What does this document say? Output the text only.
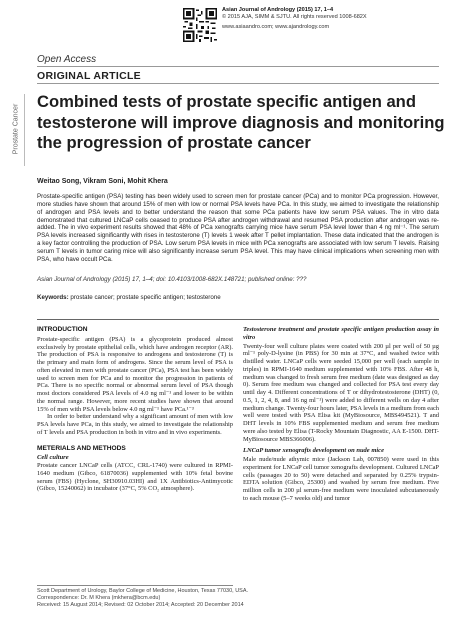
Asian Journal of Andrology (2015) 17, 1–4
© 2015 AJA, SIMM & SJTU. All rights reserved 1008-682X
www.asiaandro.com; www.ajandrology.com
Open Access
ORIGINAL ARTICLE
Prostate Cancer
Combined tests of prostate specific antigen and testosterone will improve diagnosis and monitoring the progression of prostate cancer
Weitao Song, Vikram Soni, Mohit Khera

Prostate-specific antigen (PSA) testing has been widely used to screen men for prostate cancer (PCa) and to monitor PCa progression. However, more studies have shown that around 15% of men with low or normal PSA levels have PCa. In this study, we aimed to investigate the relationship of androgen and PSA levels and to better understand the reason that some PCa patients have low serum PSA values. The in vitro data demonstrated that cultured LNCaP cells ceased to produce PSA after androgen withdrawal and resumed PSA production after androgen was re-added. The in vivo experiment results showed that 48% of PCa xenografts carrying mice have serum PSA level lower than 4 ng ml⁻¹. The serum PSA levels increased significantly with rises in testosterone (T) levels 1 week after T pellet implantation. These data indicated that the androgen is a key factor controlling the production of PSA. Low serum PSA levels in mice with PCa xenografts are associated with low serum T levels. Raising serum T levels in tumor caring mice will also significantly increase serum PSA level. This may have clinical implications when screening men with PSA, who have occult PCa.

Asian Journal of Andrology (2015) 17, 1–4; doi: 10.4103/1008-682X.148721; published online: ???

Keywords: prostate cancer; prostate specific antigen; testosterone

INTRODUCTION

Prostate-specific antigen (PSA) is a glycoprotein produced almost exclusively by prostate epithelial cells, which have androgen receptor (AR). The production of PSA is responsive to androgens and testosterone (T) is the primary and main form of androgens. Since the serum level of PSA is often elevated in men with prostate cancer (PCa), PSA test has been widely used to screen men for PCa and to monitor the progression in patients of PCa. There is no specific normal or abnormal serum level of PSA though most doctors considered PSA levels of 4.0 ng ml⁻¹ and lower to be within the normal range. However, more recent studies have shown that around 15% of men with PSA levels below 4.0 ng ml⁻¹ have PCa.¹⁻³

In order to better understand why a significant amount of men with low PSA levels have PCa, in this study, we aimed to investigate the relationship of T levels and PSA production in both in vitro and in vivo experiments.

METERIALS AND METHODS
Cell culture

Prostate cancer LNCaP cells (ATCC, CRL-1740) were cultured in RPMI-1640 medium (Gibco, 61870036) supplemented with 10% fetal bovine serum (FBS) (Hyclone, SH30910.03HI) and 1X Antibiotics-Antimycotic (Gibco, 15240062) in incubator (37°C, 5% CO₂ atmosphere).

Testosterone treatment and prostate specific antigen production assay in vitro

Twenty-four well culture plates were coated with 200 µl per well of 50 µg ml⁻¹ poly-D-lysine (in PBS) for 30 min at 37°C, and washed twice with distilled water. LNCaP cells were seeded 15,000 per well (each sample in triples) in RPMI-1640 medium supplemented with 10% FBS. After 48 h, medium was changed to fresh serum free medium (date was designed as day 0). Serum free medium was changed and collected for PSA test every day until day 4. Different concentrations of T or dihydrotestosterone (DHT) (0, 0.5, 1, 2, 4, 8, and 16 ng ml⁻¹) were added to different wells on day 4 after medium change. Twenty-four hours later, PSA levels in a medium from each well were tested with PSA Elisa kit (MyBiosource, MBS494521). T and DHT levels in 10% FBS supplemented medium and serum free medium were also tested by Elisa (T-Rocky Mountain Diagnostic, AA E-1500. DHT-MyBiosource MBS366006).

LNCaP tumor xenografts development on nude mice

Male nude/nude athymic mice (Jackson Lab, 007850) were used in this experiment for LNCaP cell tumor xenografts development. Cultured LNCaP cells (passages 20 to 50) were detached and separated by 0.25% trypsin-EDTA solution (Gibco, 25300) and washed by serum free medium. Five million cells in 200 µl serum-free medium were inoculated subcutaneously to each mouse (5–7 weeks old) and tumor

Scott Department of Urology, Baylor College of Medicine, Houston, Texas 77030, USA.
Correspondence: Dr. M Khera (mkhera@bcm.edu)
Received: 15 August 2014; Revised: 02 October 2014; Accepted: 20 December 2014
